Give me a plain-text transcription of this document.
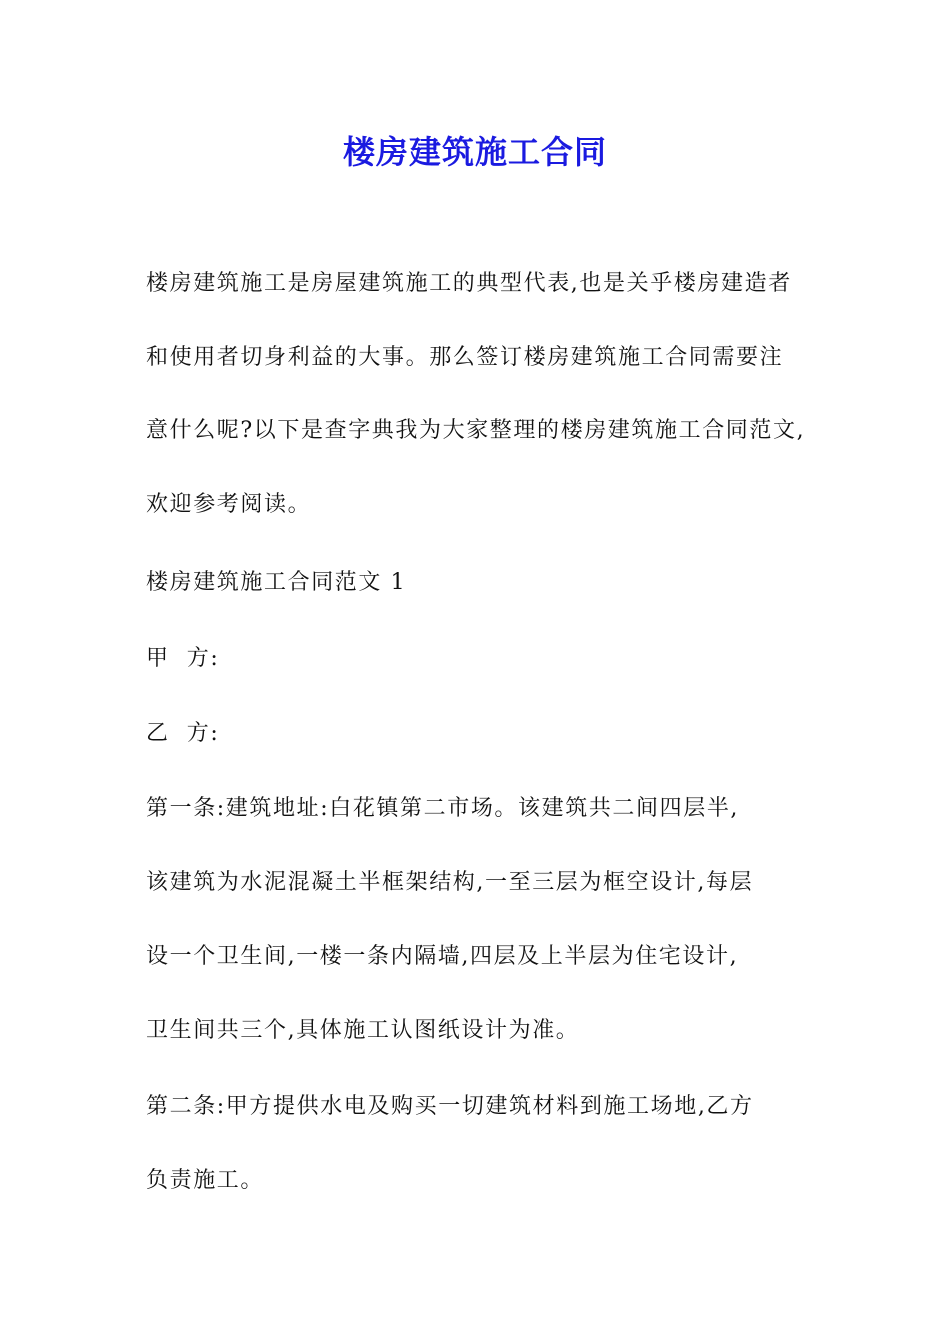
楼房建筑施工合同
楼房建筑施工是房屋建筑施工的典型代表,也是关乎楼房建造者
和使用者切身利益的大事。那么签订楼房建筑施工合同需要注
意什么呢?以下是查字典我为大家整理的楼房建筑施工合同范文,
欢迎参考阅读。
楼房建筑施工合同范文 1
甲  方:
乙  方:
第一条:建筑地址:白花镇第二市场。该建筑共二间四层半,
该建筑为水泥混凝土半框架结构,一至三层为框空设计,每层
设一个卫生间,一楼一条内隔墙,四层及上半层为住宅设计,
卫生间共三个,具体施工认图纸设计为准。
第二条:甲方提供水电及购买一切建筑材料到施工场地,乙方
负责施工。
